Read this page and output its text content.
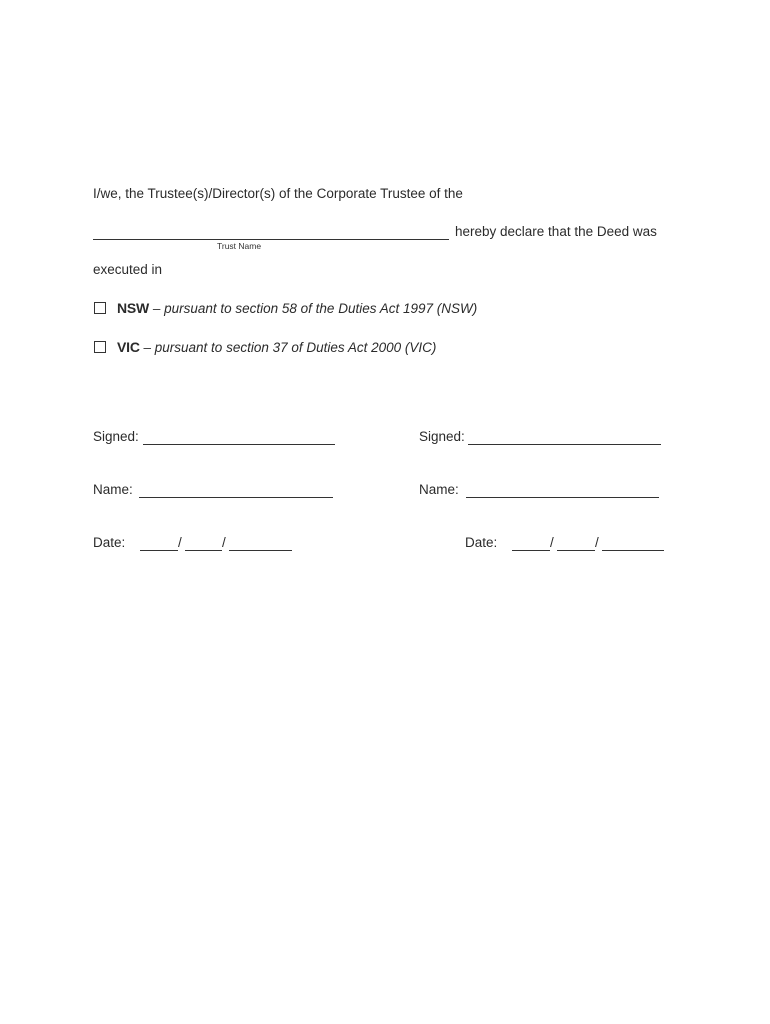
I/we, the Trustee(s)/Director(s) of the Corporate Trustee of the
Trust Name
hereby declare that the Deed was
executed in
NSW – pursuant to section 58 of the Duties Act 1997 (NSW)
VIC – pursuant to section 37 of Duties Act 2000 (VIC)
Signed:
Name:
Date:	/	/
Signed:
Name:
Date:	/	/
